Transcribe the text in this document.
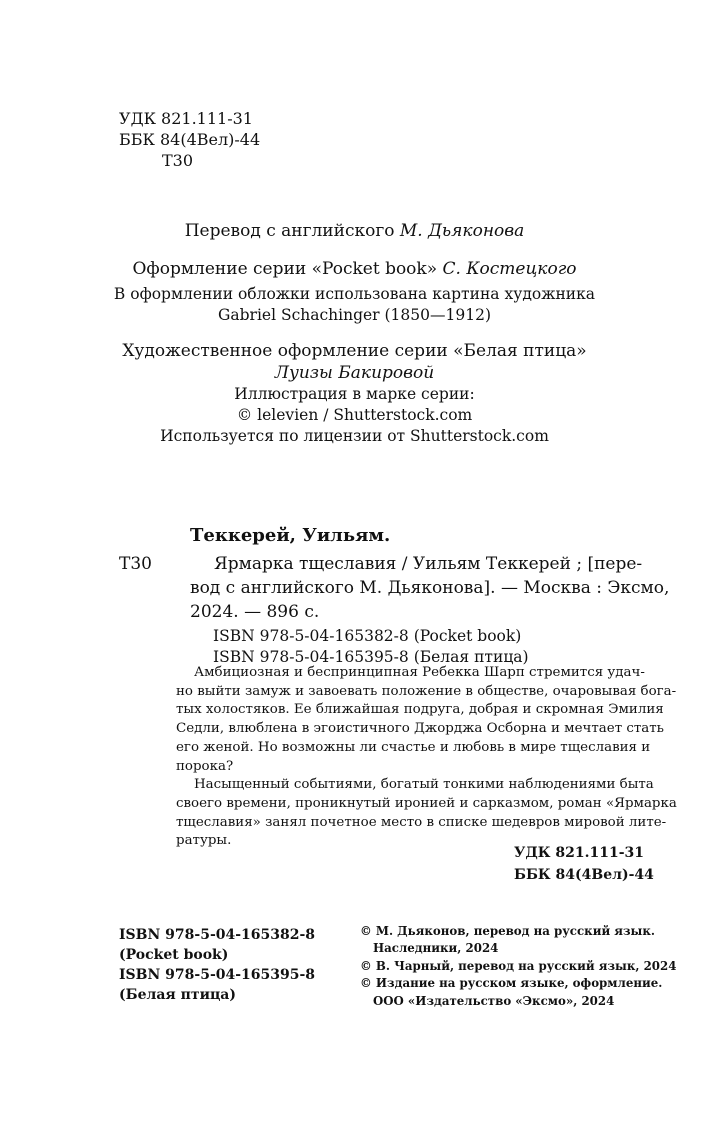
УДК 821.111-31
ББК 84(4Вел)-44
Т30
Перевод с английского М. Дьяконова
Оформление серии «Pocket book» С. Костецкого
В оформлении обложки использована картина художника
Gabriel Schachinger (1850—1912)
Художественное оформление серии «Белая птица»
Луизы Бакировой
Иллюстрация в марке серии:
© lelevien / Shutterstock.com
Используется по лицензии от Shutterstock.com
Теккерей, Уильям.
Т30	Ярмарка тщеславия / Уильям Теккерей ; [пере-
вод с английского М. Дьяконова]. — Москва : Эксмо,
2024. — 896 с.
ISBN 978-5-04-165382-8 (Pocket book)
ISBN 978-5-04-165395-8 (Белая птица)
Амбициозная и беспринципная Ребекка Шарп стремится удач-
но выйти замуж и завоевать положение в обществе, очаровывая бога-
тых холостяков. Ее ближайшая подруга, добрая и скромная Эмилия
Седли, влюблена в эгоистичного Джорджа Осборна и мечтает стать
его женой. Но возможны ли счастье и любовь в мире тщеславия и
порока?
Насыщенный событиями, богатый тонкими наблюдениями быта
своего времени, проникнутый иронией и сарказмом, роман «Ярмарка
тщеславия» занял почетное место в списке шедевров мировой лите-
ратуры.
УДК 821.111-31
ББК 84(4Вел)-44
ISBN 978-5-04-165382-8
(Pocket book)
ISBN 978-5-04-165395-8
(Белая птица)
© М. Дьяконов, перевод на русский язык.
Наследники, 2024
© В. Чарный, перевод на русский язык, 2024
© Издание на русском языке, оформление.
ООО «Издательство «Эксмо», 2024
